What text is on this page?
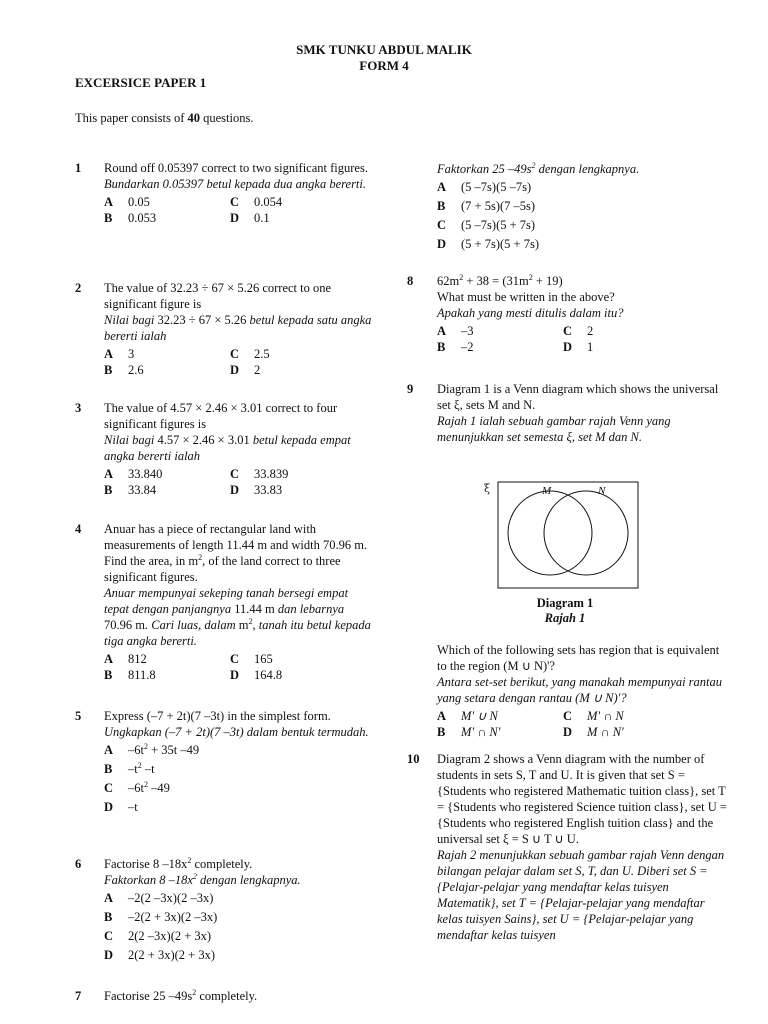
SMK TUNKU ABDUL MALIK
FORM 4
EXCERSICE PAPER 1
This paper consists of 40 questions.
1	Round off 0.05397 correct to two significant figures.

Bundarkan 0.05397 betul kepada dua angka bererti.

A	0.05	C	0.054
B	0.053	D	0.1
2	The value of 32.23 ÷ 67 × 5.26 correct to one significant figure is

Nilai bagi 32.23 ÷ 67 × 5.26 betul kepada satu angka bererti ialah

A	3	C	2.5
B	2.6	D	2
3	The value of 4.57 × 2.46 × 3.01 correct to four significant figures is

Nilai bagi 4.57 × 2.46 × 3.01 betul kepada empat angka bererti ialah

A	33.840	C	33.839
B	33.84	D	33.83
4	Anuar has a piece of rectangular land with measurements of length 11.44 m and width 70.96 m. Find the area, in $m^2$, of the land correct to three significant figures.

Anuar mempunyai sekeping tanah bersegi empat tepat dengan panjangnya 11.44 m dan lebarnya 70.96 m. Cari luas, dalam $m^2$, tanah itu betul kepada tiga angka bererti.

A	812	C	165
B	811.8	D	164.8
5	Express (–7 + 2t)(7 –3t) in the simplest form.

Ungkapkan (–7 + 2t)(7 –3t) dalam bentuk termudah.

A	$-6t^2 + 35t$ –49
B	$-t^2$ –t
C	$-6t^2$ –49
D	–t
6	Factorise 8 $-18x^2$ completely.

Faktorkan 8 $-18x^2$ dengan lengkapnya.

A	–2(2 –3x)(2 –3x)
B	–2(2 + 3x)(2 –3x)
C	2(2 –3x)(2 + 3x)
D	2(2 + 3x)(2 + 3x)
7	Factorise 25 $-49s^2$ completely.

Faktorkan 25 $-49s^2$ dengan lengkapnya.

A	(5 –7s)(5 –7s)
B	(7 + 5s)(7 –5s)
C	(5 –7s)(5 + 7s)
D	(5 + 7s)(5 + 7s)
8	$62m^2 + 38 = (31m^2 + 19)$

What must be written in the above?

Apakah yang mesti ditulis dalam itu?

A	–3	C	2
B	–2	D	1
9	Diagram 1 is a Venn diagram which shows the universal set ξ, sets M and N.

Rajah 1 ialah sebuah gambar rajah Venn yang menunjukkan set semesta ξ, set M dan N.

ξ	M	N
Diagram 1
Rajah 1

Which of the following sets has region that is equivalent to the region (M ∪ N)'?

Antara set-set berikut, yang manakah mempunyai rantau yang setara dengan rantau (M ∪ N)'?

A	M' ∪ N	C	M' ∩ N
B	M' ∩ N'	D	M ∩ N'
10	Diagram 2 shows a Venn diagram with the number of students in sets S, T and U. It is given that set S = {Students who registered Mathematic tuition class}, set T = {Students who registered Science tuition class}, set U = {Students who registered English tuition class} and the universal set ξ = S ∪ T ∪ U.

Rajah 2 menunjukkan sebuah gambar rajah Venn dengan bilangan pelajar dalam set S, T, dan U. Diberi set S = {Pelajar-pelajar yang mendaftar kelas tuisyen Matematik}, set T = {Pelajar-pelajar yang mendaftar kelas tuisyen Sains}, set U = {Pelajar-pelajar yang mendaftar kelas tuisyen
